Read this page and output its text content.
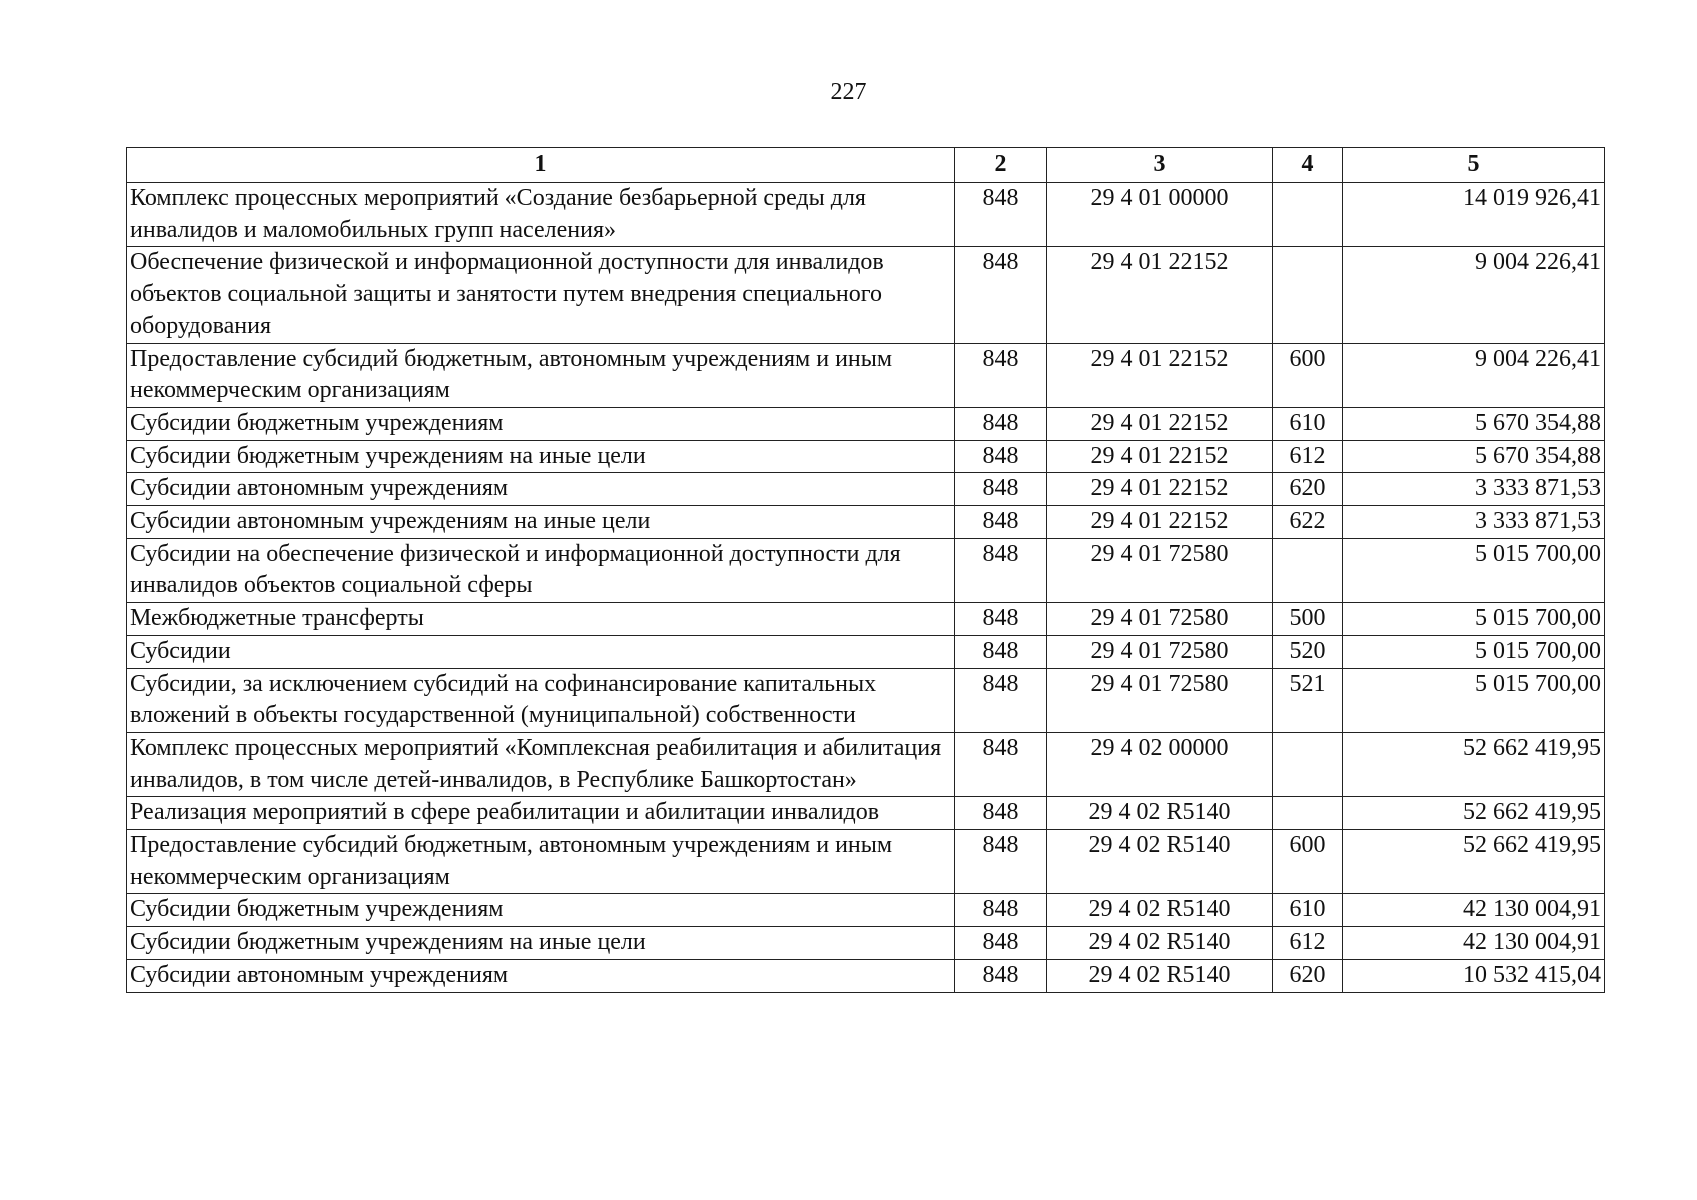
227
1	2	3	4	5
Комплекс процессных мероприятий «Создание безбарьерной среды для инвалидов и маломобильных групп населения»	848	29 4 01 00000		14 019 926,41
Обеспечение физической и информационной доступности для инвалидов объектов социальной защиты и занятости путем внедрения специального оборудования	848	29 4 01 22152		9 004 226,41
Предоставление субсидий бюджетным, автономным учреждениям и иным некоммерческим организациям	848	29 4 01 22152	600	9 004 226,41
Субсидии бюджетным учреждениям	848	29 4 01 22152	610	5 670 354,88
Субсидии бюджетным учреждениям на иные цели	848	29 4 01 22152	612	5 670 354,88
Субсидии автономным учреждениям	848	29 4 01 22152	620	3 333 871,53
Субсидии автономным учреждениям на иные цели	848	29 4 01 22152	622	3 333 871,53
Субсидии на обеспечение физической и информационной доступности для инвалидов объектов социальной сферы	848	29 4 01 72580		5 015 700,00
Межбюджетные трансферты	848	29 4 01 72580	500	5 015 700,00
Субсидии	848	29 4 01 72580	520	5 015 700,00
Субсидии, за исключением субсидий на софинансирование капитальных вложений в объекты государственной (муниципальной) собственности	848	29 4 01 72580	521	5 015 700,00
Комплекс процессных мероприятий «Комплексная реабилитация и абилитация инвалидов, в том числе детей-инвалидов, в Республике Башкортостан»	848	29 4 02 00000		52 662 419,95
Реализация мероприятий в сфере реабилитации и абилитации инвалидов	848	29 4 02 R5140		52 662 419,95
Предоставление субсидий бюджетным, автономным учреждениям и иным некоммерческим организациям	848	29 4 02 R5140	600	52 662 419,95
Субсидии бюджетным учреждениям	848	29 4 02 R5140	610	42 130 004,91
Субсидии бюджетным учреждениям на иные цели	848	29 4 02 R5140	612	42 130 004,91
Субсидии автономным учреждениям	848	29 4 02 R5140	620	10 532 415,04
